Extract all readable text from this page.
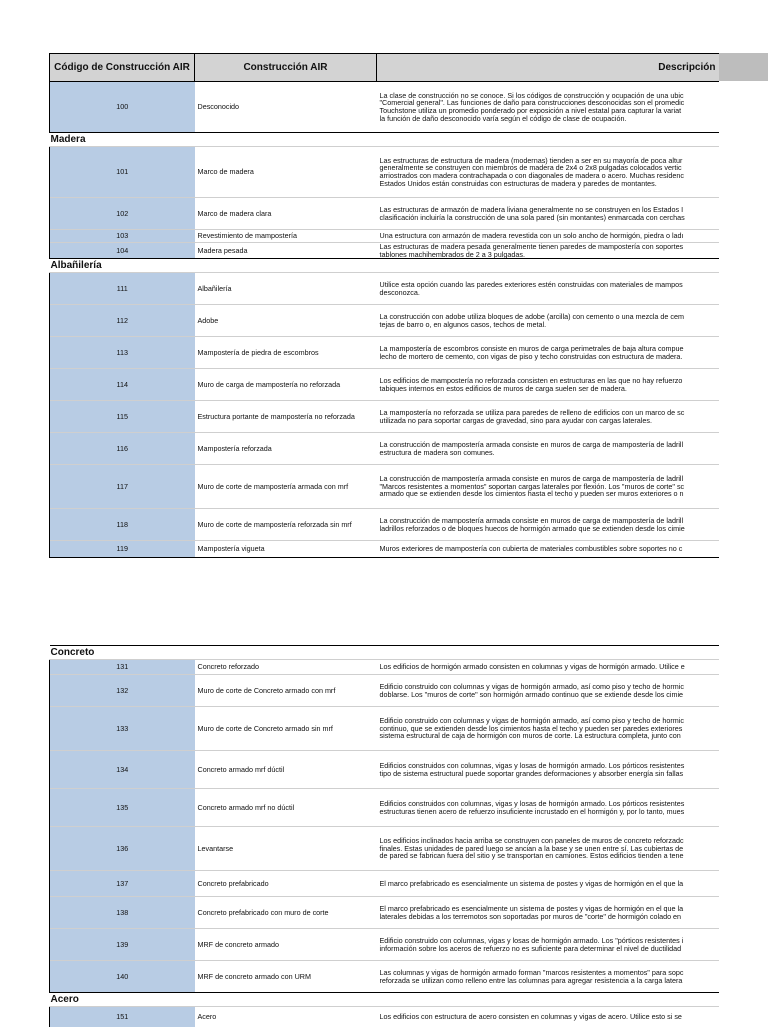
Código de Construcción AIR	Construcción AIR	Descripción
100	Desconocido	La clase de construcción no se conoce. Si los códigos de construcción y ocupación de una ubic
"Comercial general". Las funciones de daño para construcciones desconocidas son el promedic
Touchstone utiliza un promedio ponderado por exposición a nivel estatal para capturar la variat
la función de daño desconocido varía según el código de clase de ocupación.
Madera		
101	Marco de madera	Las estructuras de estructura de madera (modernas) tienden a ser en su mayoría de poca altur
generalmente se construyen con miembros de madera de 2x4 o 2x8 pulgadas colocados vertic
arriostrados con madera contrachapada o con diagonales de madera o acero. Muchas residenc
Estados Unidos están construidas con estructuras de madera y paredes de montantes.
102	Marco de madera clara	Las estructuras de armazón de madera liviana generalmente no se construyen en los Estados I
clasificación incluiría la construcción de una sola pared (sin montantes) enmarcada con cerchas
103	Revestimiento de mampostería	Una estructura con armazón de madera revestida con un solo ancho de hormigón, piedra o ladı
104	Madera pesada	Las estructuras de madera pesada generalmente tienen paredes de mampostería con soportes
tablones machihembrados de 2 a 3 pulgadas.
Albañilería		
111	Albañilería	Utilice esta opción cuando las paredes exteriores estén construidas con materiales de mampos
desconozca.
112	Adobe	La construcción con adobe utiliza bloques de adobe (arcilla) con cemento o una mezcla de cem
tejas de barro o, en algunos casos, techos de metal.
113	Mampostería de piedra de escombros	La mampostería de escombros consiste en muros de carga perimetrales de baja altura compue
lecho de mortero de cemento, con vigas de piso y techo construidas con estructura de madera.
114	Muro de carga de mampostería no reforzada	Los edificios de mampostería no reforzada consisten en estructuras en las que no hay refuerzo
tabiques internos en estos edificios de muros de carga suelen ser de madera.
115	Estructura portante de mampostería no reforzada	La mampostería no reforzada se utiliza para paredes de relleno de edificios con un marco de sc
utilizada no para soportar cargas de gravedad, sino para ayudar con cargas laterales.
116	Mampostería reforzada	La construcción de mampostería armada consiste en muros de carga de mampostería de ladrill
estructura de madera son comunes.
117	Muro de corte de mampostería armada con mrf	La construcción de mampostería armada consiste en muros de carga de mampostería de ladrill
"Marcos resistentes a momentos" soportan cargas laterales por flexión. Los "muros de corte" sc
armado que se extienden desde los cimientos hasta el techo y pueden ser muros exteriores o n
118	Muro de corte de mampostería reforzada sin mrf	La construcción de mampostería armada consiste en muros de carga de mampostería de ladrill
ladrillos reforzados o de bloques huecos de hormigón armado que se extienden desde los cimie
119	Mampostería vigueta	Muros exteriores de mampostería con cubierta de materiales combustibles sobre soportes no c
Concreto		
131	Concreto reforzado	Los edificios de hormigón armado consisten en columnas y vigas de hormigón armado. Utilice e
132	Muro de corte de Concreto armado con mrf	Edificio construido con columnas y vigas de hormigón armado, así como piso y techo de hormic
doblarse. Los "muros de corte" son hormigón armado continuo que se extiende desde los cimie
133	Muro de corte de Concreto armado sin mrf	Edificio construido con columnas y vigas de hormigón armado, así como piso y techo de hormic
continuo, que se extienden desde los cimientos hasta el techo y pueden ser paredes exteriores
sistema estructural de caja de hormigón con muros de corte. La estructura completa, junto con
134	Concreto armado mrf dúctil	Edificios construidos con columnas, vigas y losas de hormigón armado. Los pórticos resistentes
tipo de sistema estructural puede soportar grandes deformaciones y absorber energía sin fallas
135	Concreto armado mrf no dúctil	Edificios construidos con columnas, vigas y losas de hormigón armado. Los pórticos resistentes
estructuras tienen acero de refuerzo insuficiente incrustado en el hormigón y, por lo tanto, mues
136	Levantarse	Los edificios inclinados hacia arriba se construyen con paneles de muros de concreto reforzadc
finales. Estas unidades de pared luego se ancian a la base y se unen entre sí. Las cubiertas de
de pared se fabrican fuera del sitio y se transportan en camiones. Estos edificios tienden a tene
137	Concreto prefabricado	El marco prefabricado es esencialmente un sistema de postes y vigas de hormigón en el que la
138	Concreto prefabricado con muro de corte	El marco prefabricado es esencialmente un sistema de postes y vigas de hormigón en el que la
laterales debidas a los terremotos son soportadas por muros de "corte" de hormigón colado en
139	MRF de concreto armado	Edificio construido con columnas, vigas y losas de hormigón armado. Los "pórticos resistentes i
información sobre los aceros de refuerzo no es suficiente para determinar el nivel de ductilidad
140	MRF de concreto armado con URM	Las columnas y vigas de hormigón armado forman "marcos resistentes a momentos" para sopc
reforzada se utilizan como relleno entre las columnas para agregar resistencia a la carga latera
Acero		
151	Acero	Los edificios con estructura de acero consisten en columnas y vigas de acero. Utilice esto si se
